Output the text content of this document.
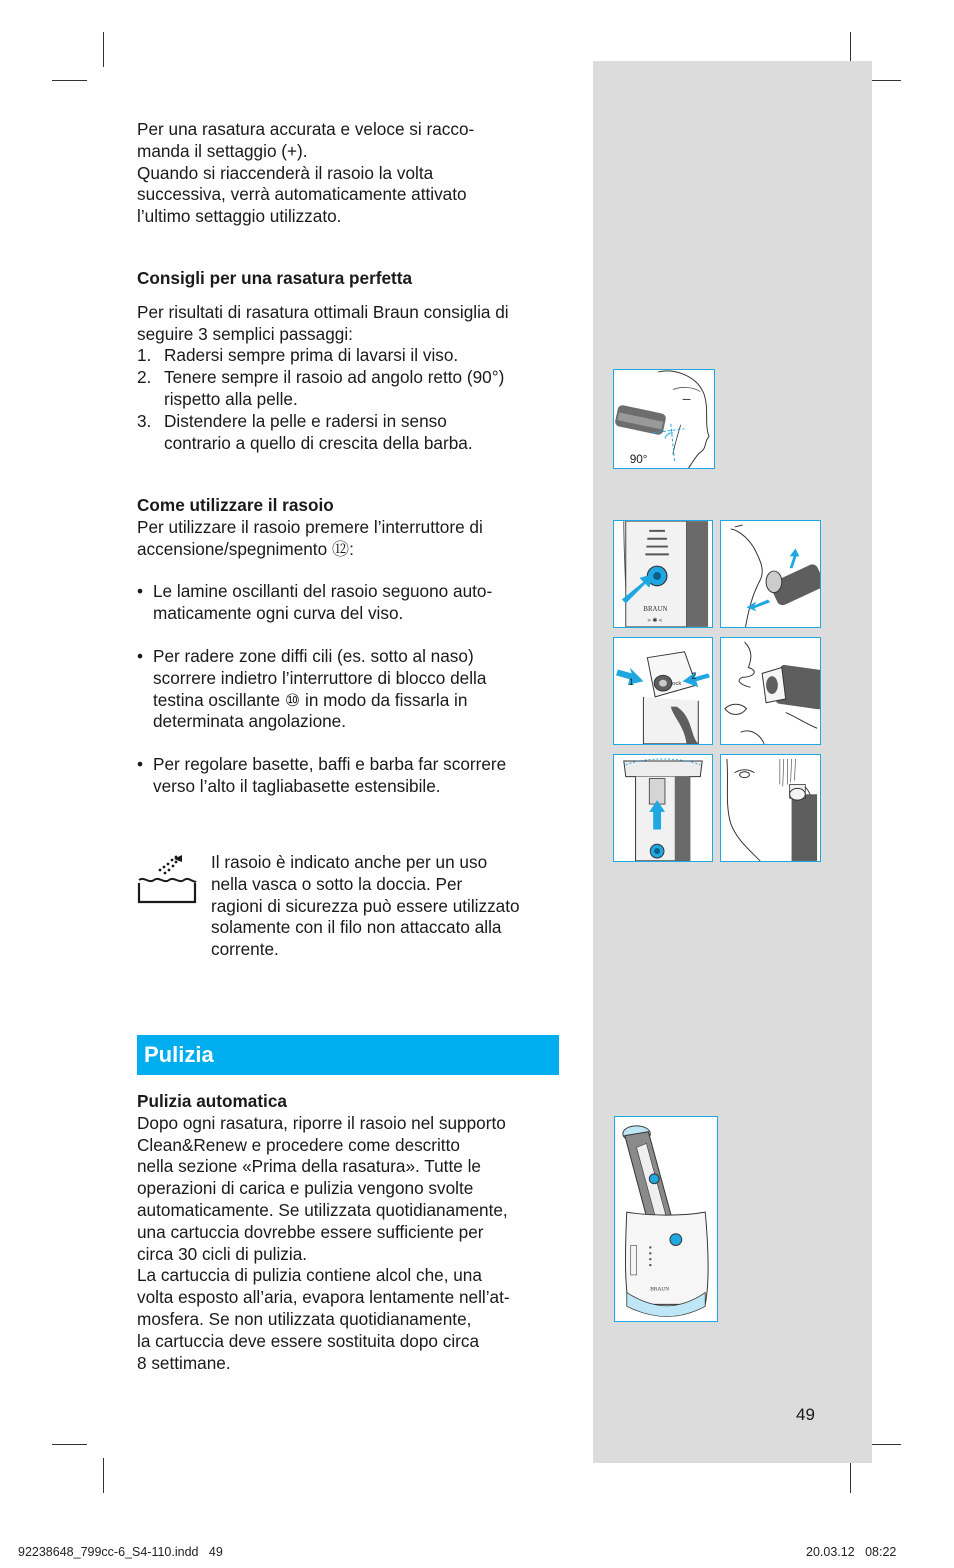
Per una rasatura accurata e veloce si racco-

manda il settaggio (+).

Quando si riaccenderà il rasoio la volta

successiva, verrà automaticamente attivato

l’ultimo settaggio utilizzato.

Consigli per una rasatura perfetta

Per risultati di rasatura ottimali Braun consiglia di

seguire 3 semplici passaggi:

1. Radersi sempre prima di lavarsi il viso.

2. Tenere sempre il rasoio ad angolo retto (90°)

rispetto alla pelle.

3. Distendere la pelle e radersi in senso

contrario a quello di crescita della barba.

Come utilizzare il rasoio

Per utilizzare il rasoio premere l’interruttore di

accensione/spegnimento ⑫:

• Le lamine oscillanti del rasoio seguono auto-

maticamente ogni curva del viso.

• Per radere zone diffi cili (es. sotto al naso)

scorrere indietro l’interruttore di blocco della

testina oscillante ⑩ in modo da fissarla in

determinata angolazione.

• Per regolare basette, baffi e barba far scorrere

verso l’alto il tagliabasette estensibile.

Il rasoio è indicato anche per un uso

nella vasca o sotto la doccia. Per

ragioni di sicurezza può essere utilizzato

solamente con il filo non attaccato alla

corrente.

Pulizia

Pulizia automatica

Dopo ogni rasatura, riporre il rasoio nel supporto

Clean&Renew e procedere come descritto

nella sezione «Prima della rasatura». Tutte le

operazioni di carica e pulizia vengono svolte

automaticamente. Se utilizzata quotidianamente,

una cartuccia dovrebbe essere sufficiente per

circa 30 cicli di pulizia.

La cartuccia di pulizia contiene alcol che, una

volta esposto all’aria, evapora lentamente nell’at-

mosfera. Se non utilizzata quotidianamente,

la cartuccia deve essere sostituita dopo circa

8 settimane.

90°
BRAUN
> ✱ <
1
2
lock
BRAUN
49
92238648_799cc-6_S4-110.indd   49	20.03.12   08:22
